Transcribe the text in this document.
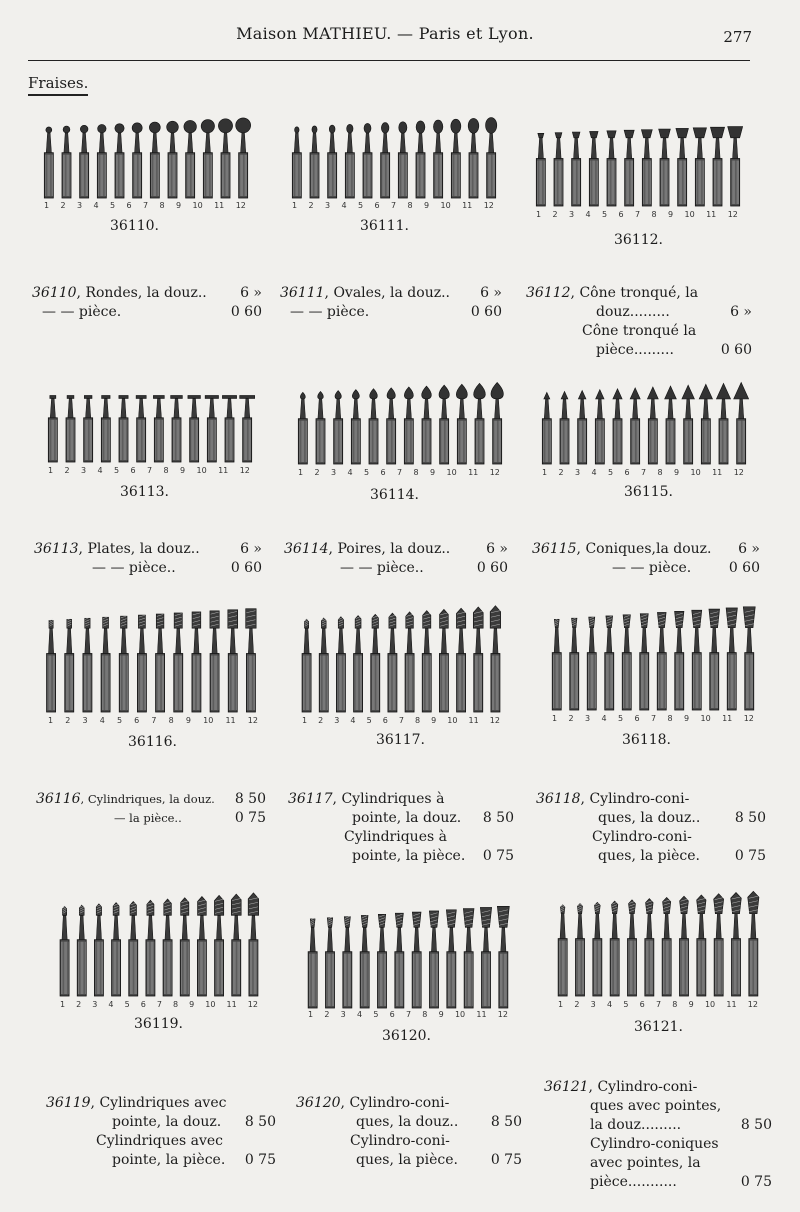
Maison MATHIEU. — Paris et Lyon.	277
Fraises.
1 2 3 4 5 6 7 8 9 10 11 12	1 2 3 4 5 6 7 8 9 10 11 12
1 2 3 4 5 6 7 8 9 10 11 12
1 2 3 4 5 6 7 8 9 10 11 12	1 2 3 4 5 6 7 8 9 10 11 12	1 2 3 4 5 6 7 8 9 10 11 12
1 2 3 4 5 6 7 8 9 10 11 12	1 2 3 4 5 6 7 8 9 10 11 12	1 2 3 4 5 6 7 8 9 10 11 12
1 2 3 4 5 6 7 8 9 10 11 12
1 2 3 4 5 6 7 8 9 10 11 12
1 2 3 4 5 6 7 8 9 10 11 12
36110.	36111.
36112.
36113.	36114.	36115.
36116.	36117.	36118.
36119.
36120.
36121.
36110, Rondes, la douz.. 6 »
— — pièce.	0 60
36111, Ovales, la douz.. 6 »
— — pièce.	0 60
36112, Cône tronqué, la
douz.........	6 »
Cône tronqué la
pièce.........	0 60
36113, Plates, la douz..	6 »
— — pièce..	0 60
36114, Poires, la douz..	6 »
— — pièce..	0 60
36115, Coniques,la douz. 6 »
— — pièce.	0 60
36116, Cylindriques, la douz. 8 50
— la pièce..	0 75
36117, Cylindriques à
pointe, la douz. 8 50
Cylindriques à
pointe, la pièce. 0 75
36118, Cylindro-coni-
ques, la douz.. 8 50
Cylindro-coni-
ques, la pièce. 0 75
36119, Cylindriques avec
pointe, la douz. 8 50
Cylindriques avec
pointe, la pièce. 0 75
36120, Cylindro-coni-
ques, la douz.. 8 50
Cylindro-coni-
ques, la pièce. 0 75
36121, Cylindro-coni-
ques avec pointes,
la douz.........	8 50
Cylindro-coniques
avec pointes, la
pièce...........	0 75
